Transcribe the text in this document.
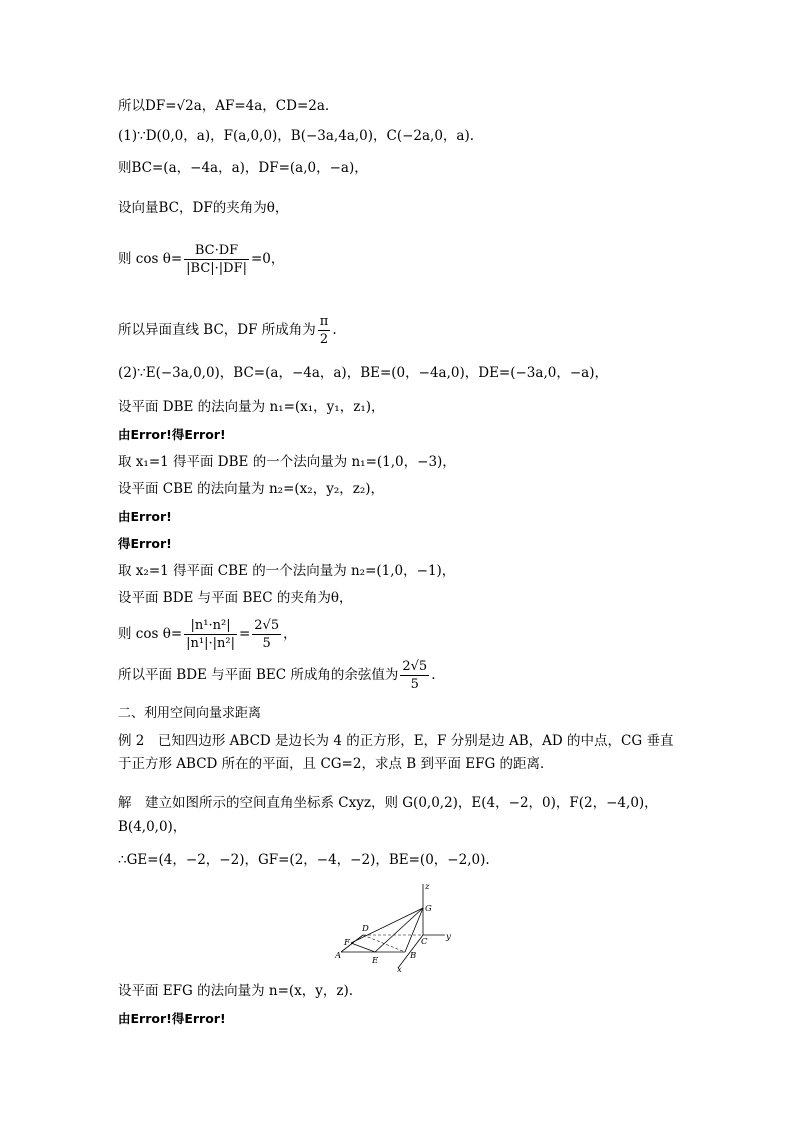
所以DF=√2a，AF=4a，CD=2a.
(1)∵D(0,0，a)，F(a,0,0)，B(−3a,4a,0)，C(−2a,0，a).
则BC=(a，−4a，a)，DF=(a,0，−a)，
设向量BC，DF的夹角为θ，
则 $\cos \theta= \frac{BC\cdot DF}{|BC|\cdot|DF|} =0$，
所以异面直线 BC，DF 所成角为 $\frac{\pi}{2}$ .
(2)∵E(−3a,0,0)，BC=(a，−4a，a)，BE=(0，−4a,0)，DE=(−3a,0，−a)，
设平面 DBE 的法向量为 n₁=(x₁，y₁，z₁)，
由Error!得Error!
取 x₁=1 得平面 DBE 的一个法向量为 n₁=(1,0，−3)，
设平面 CBE 的法向量为 n₂=(x₂，y₂，z₂)，
由Error!
得Error!
取 x₂=1 得平面 CBE 的一个法向量为 n₂=(1,0，−1)，
设平面 BDE 与平面 BEC 的夹角为θ，
则 $\cos \theta= \frac{\text{|n¹·n²|}}{\text{|n¹|·|n²|}} = \frac{2√5}{5}$ ，
所以平面 BDE 与平面 BEC 所成角的余弦值为 $\frac{2√5}{5}$ .
二、利用空间向量求距离
例 2　已知四边形 ABCD 是边长为 4 的正方形，E，F 分别是边 AB，AD 的中点，CG 垂直于正方形 ABCD 所在的平面，且 CG=2，求点 B 到平面 EFG 的距离．
解　建立如图所示的空间直角坐标系 Cxyz，则 G(0,0,2)，E(4，−2，0)，F(2，−4,0)，
B(4,0,0)，
∴GE=(4，−2，−2)，GF=(2，−4，−2)，BE=(0，−2,0).
z
G
D
F	C y
A	E	B
x
设平面 EFG 的法向量为 n=(x，y，z).
由Error!得Error!
